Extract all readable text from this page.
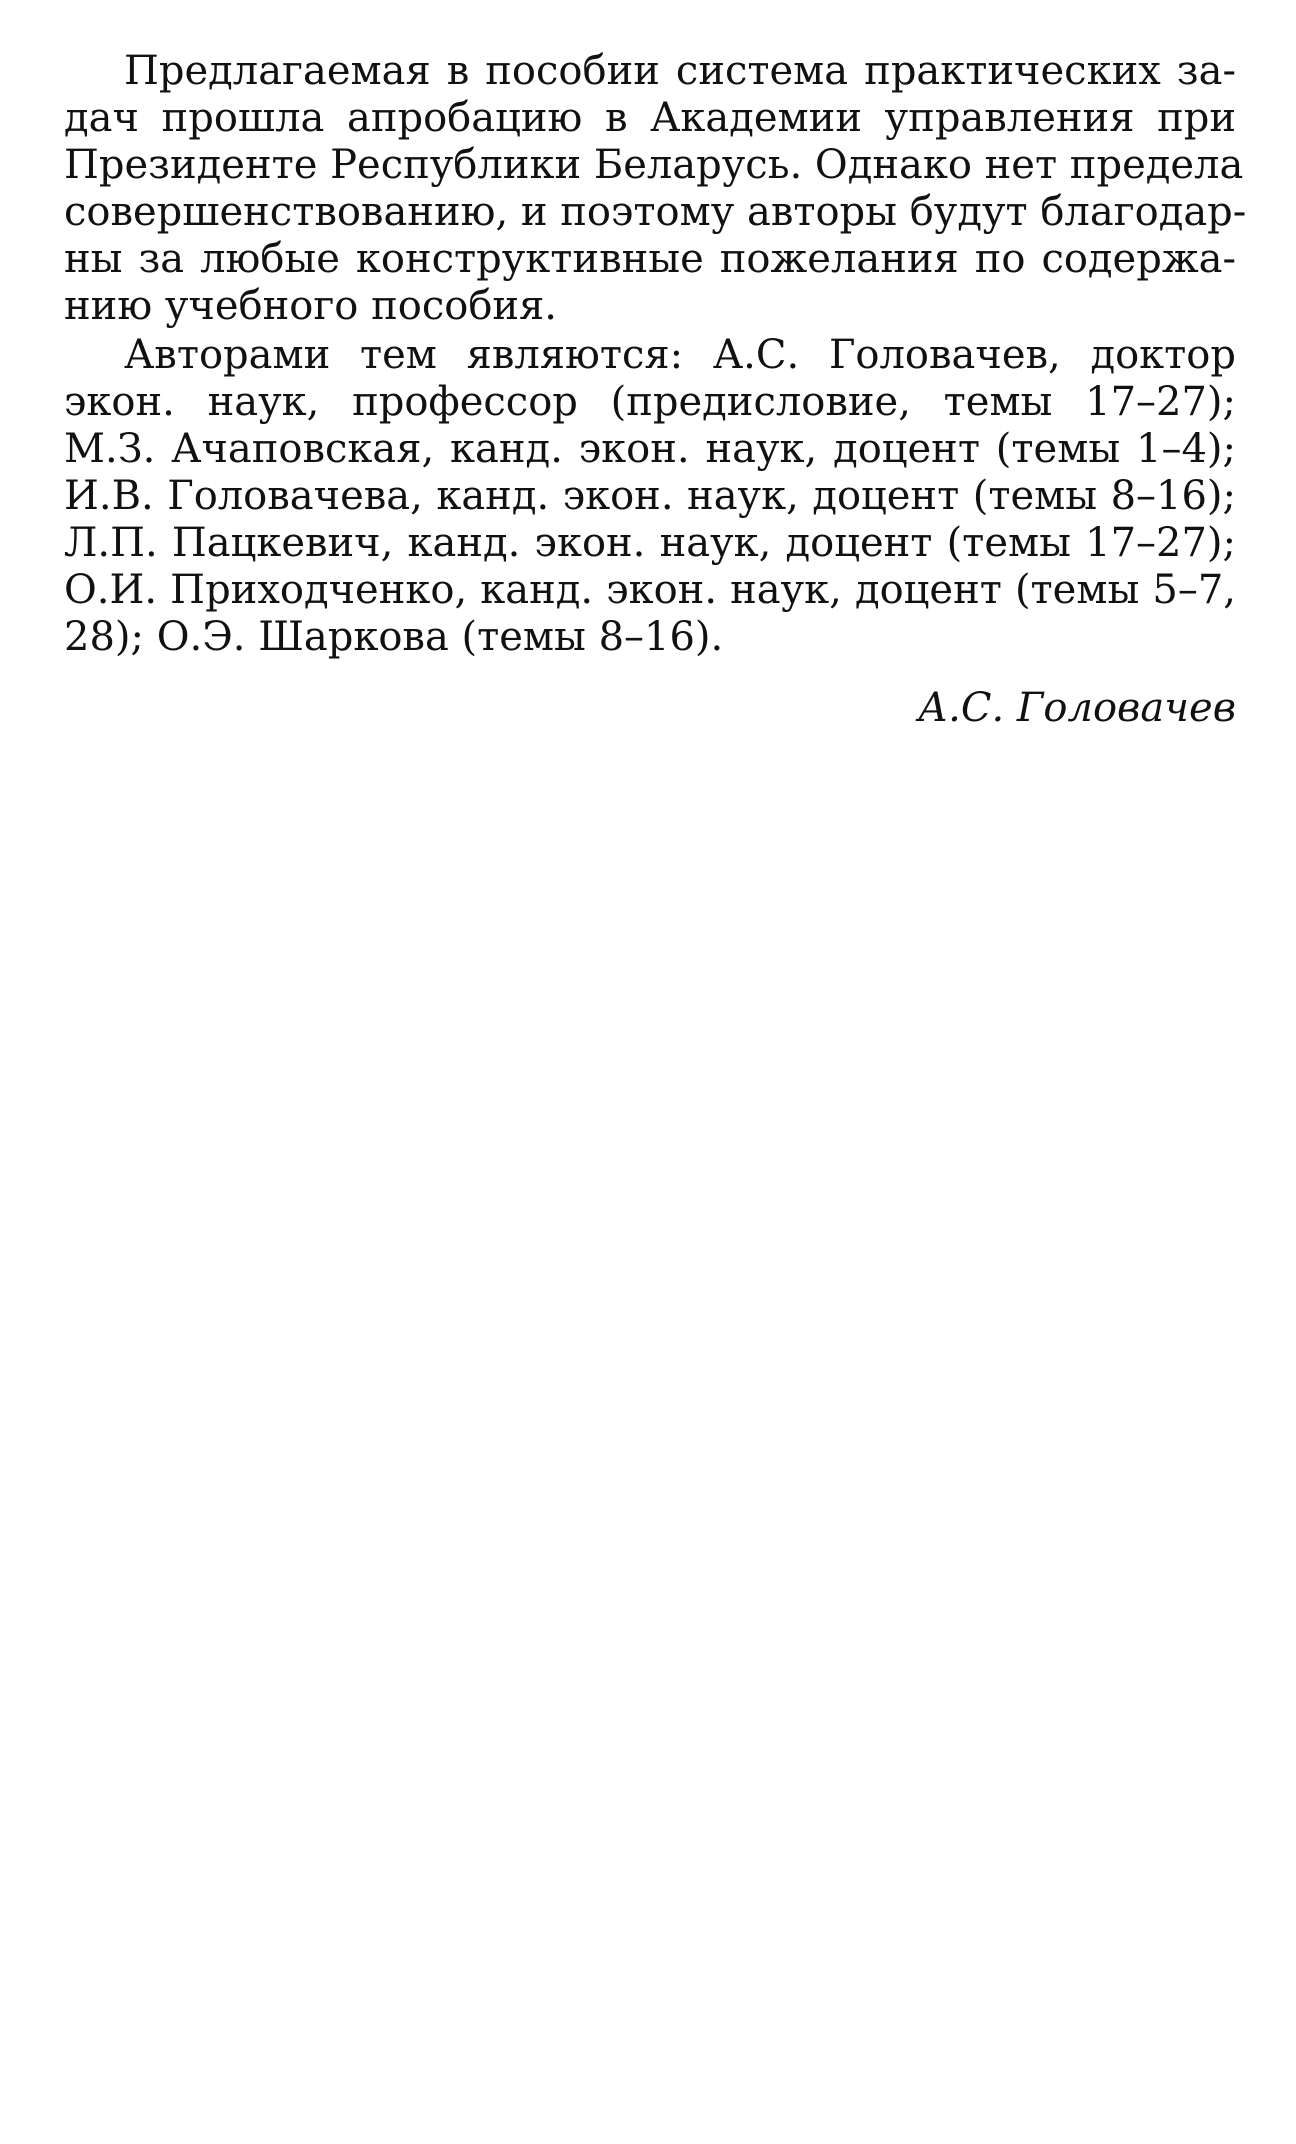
Предлагаемая в пособии система практических за-
дач прошла апробацию в Академии управления при
Президенте Республики Беларусь. Однако нет предела
совершенствованию, и поэтому авторы будут благодар-
ны за любые конструктивные пожелания по содержа-
нию учебного пособия.
Авторами тем являются: А.С. Головачев, доктор
экон. наук, профессор (предисловие, темы 17–27);
М.З. Ачаповская, канд. экон. наук, доцент (темы 1–4);
И.В. Головачева, канд. экон. наук, доцент (темы 8–16);
Л.П. Пацкевич, канд. экон. наук, доцент (темы 17–27);
О.И. Приходченко, канд. экон. наук, доцент (темы 5–7,
28); О.Э. Шаркова (темы 8–16).
А.С. Головачев
